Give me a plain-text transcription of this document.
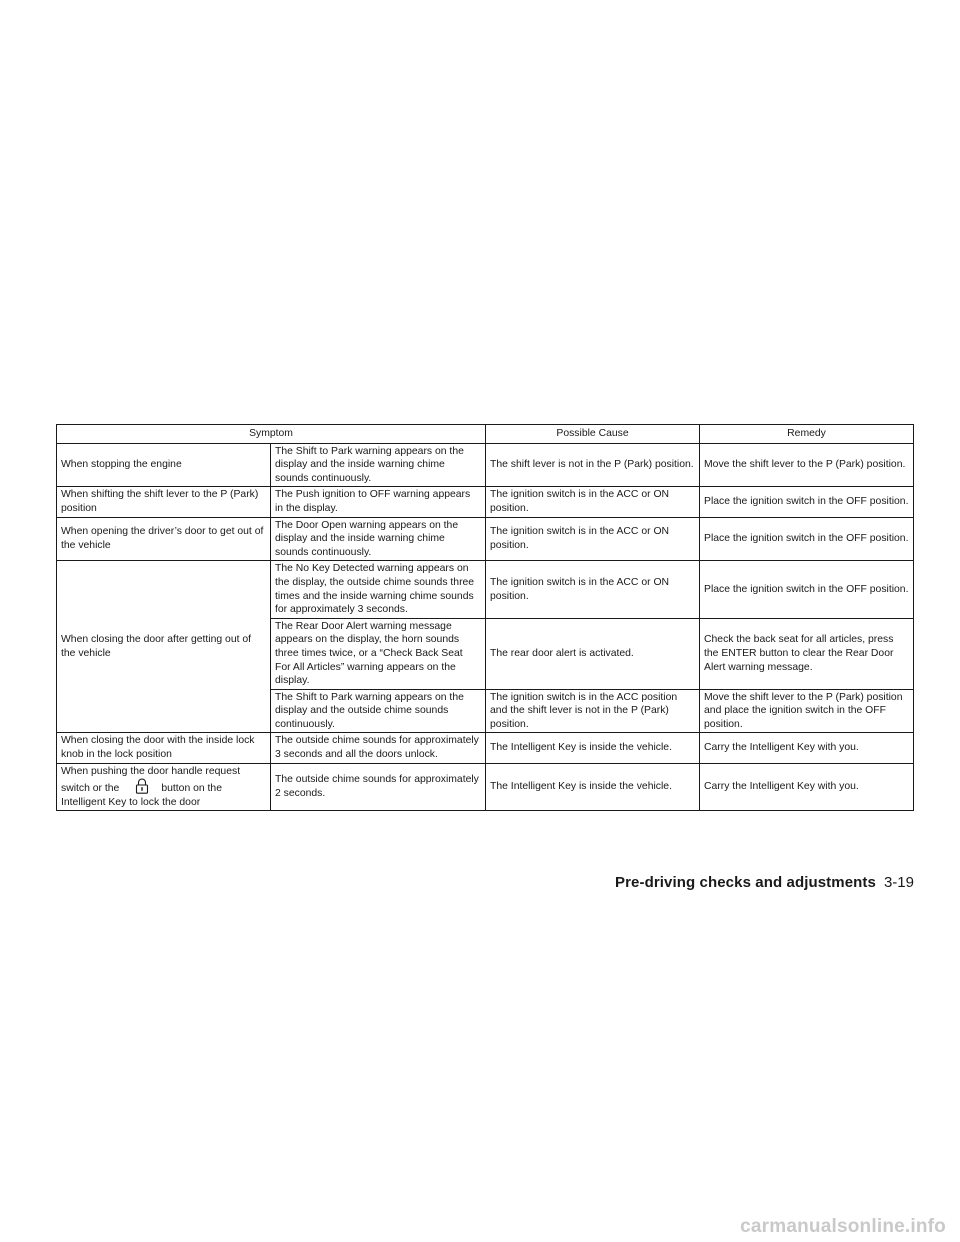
Symptom		Possible Cause	Remedy
When stopping the engine	The Shift to Park warning appears on the display and the inside warning chime sounds continuously.	The shift lever is not in the P (Park) position.	Move the shift lever to the P (Park) position.
When shifting the shift lever to the P (Park) position	The Push ignition to OFF warning appears in the display.	The ignition switch is in the ACC or ON position.	Place the ignition switch in the OFF position.
When opening the driver’s door to get out of the vehicle	The Door Open warning appears on the display and the inside warning chime sounds continuously.	The ignition switch is in the ACC or ON position.	Place the ignition switch in the OFF position.
When closing the door after getting out of the vehicle	The No Key Detected warning appears on the display, the outside chime sounds three times and the inside warning chime sounds for approximately 3 seconds.	The ignition switch is in the ACC or ON position.	Place the ignition switch in the OFF position.
	The Rear Door Alert warning message appears on the display, the horn sounds three times twice, or a “Check Back Seat For All Articles” warning appears on the display.	The rear door alert is activated.	Check the back seat for all articles, press the ENTER button to clear the Rear Door Alert warning message.
	The Shift to Park warning appears on the display and the outside chime sounds continuously.	The ignition switch is in the ACC position and the shift lever is not in the P (Park) position.	Move the shift lever to the P (Park) position and place the ignition switch in the OFF position.
When closing the door with the inside lock knob in the lock position	The outside chime sounds for approximately 3 seconds and all the doors unlock.	The Intelligent Key is inside the vehicle.	Carry the Intelligent Key with you.
When pushing the door handle request switch or the button on the Intelligent Key to lock the door	The outside chime sounds for approximately 2 seconds.	The Intelligent Key is inside the vehicle.	Carry the Intelligent Key with you.
Pre-driving checks and adjustments 3-19
carmanualsonline.info
